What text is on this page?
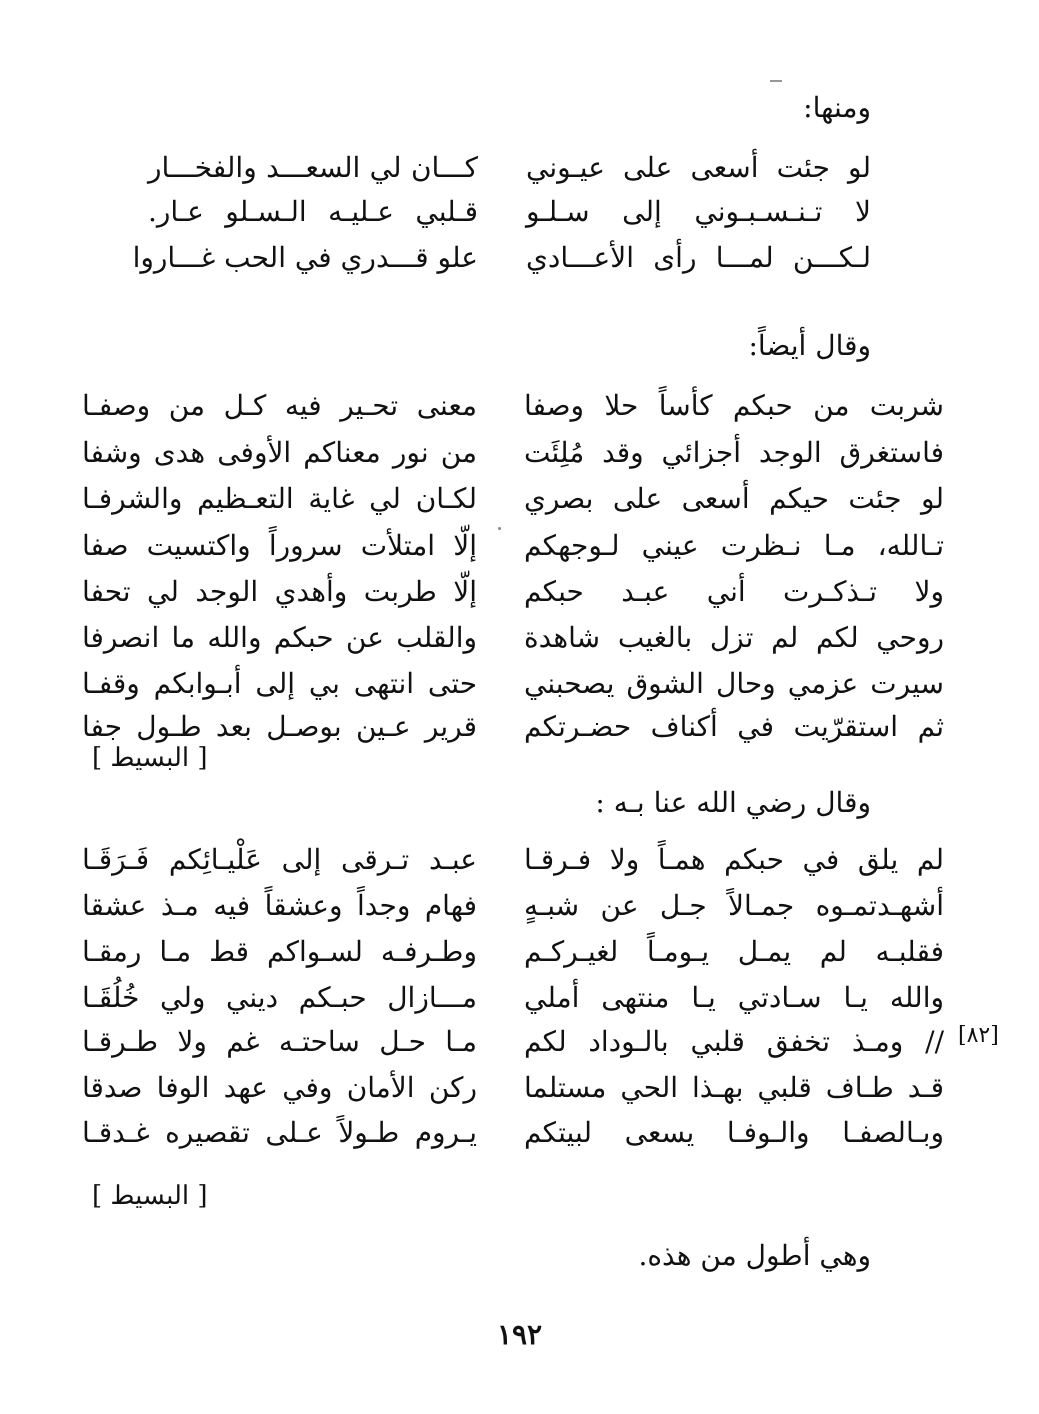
ومنها:
لو جئت أسعى على عيـوني
كـــان لي السعـــد والفخـــار
لا تـنـسـبـوني إلى سـلـو
قـلبي عـليـه الـسـلو عـار.
لـكـــن لمـــا رأى الأعـــادي
علو قـــدري في الحب غـــاروا
وقال أيضاً:
شربت من حبكم كأساً حلا وصفا
معنى تحـير فيه كـل من وصفـا
فاستغرق الوجد أجزائي وقد مُلِئَت
من نور معناكم الأوفى هدى وشفا
لو جئت حيكم أسعى على بصري
لكـان لي غاية التعـظيم والشرفـا
تـالله، مـا نـظرت عيني لـوجهكم
إلّا امتلأت سروراً واكتسيت صفا
ولا تـذكـرت أني عبـد حبكم
إلّا طربت وأهدي الوجد لي تحفا
روحي لكم لم تزل بالغيب شاهدة
والقلب عن حبكم والله ما انصرفا
سيرت عزمي وحال الشوق يصحبني
حتى انتهى بي إلى أبـوابكم وقفـا
ثم استقرّيت في أكناف حضـرتكم
قرير عـين بوصـل بعد طـول جفا
[ البسيط ]
وقال رضي الله عنا بـه :
لم يلق في حبكم همـاً ولا فـرقـا
عبـد تـرقى إلى عَلْيـائِكم فَـرَقَـا
أشهـدتمـوه جمـالاً جـل عن شبـهٍ
فهام وجداً وعشقاً فيه مـذ عشقا
فقلبـه لم يمـل يـومـاً لغيـركـم
وطـرفـه لسـواكم قط مـا رمقـا
والله يـا سـادتي يـا منتهى أملي
مـــازال حبـكم ديني ولي خُلُقَـا
// ومـذ تخفق قلبي بالـوداد لكم
مـا حـل ساحتـه غم ولا طـرقـا
قـد طـاف قلبي بهـذا الحي مستلما
ركن الأمان وفي عهد الوفا صدقا
وبـالصفـا والـوفـا يسعى لبيتكم
يـروم طـولاً عـلى تقصيره غـدقـا
[٨٢]
[ البسيط ]
وهي أطول من هذه.
١٩٢
